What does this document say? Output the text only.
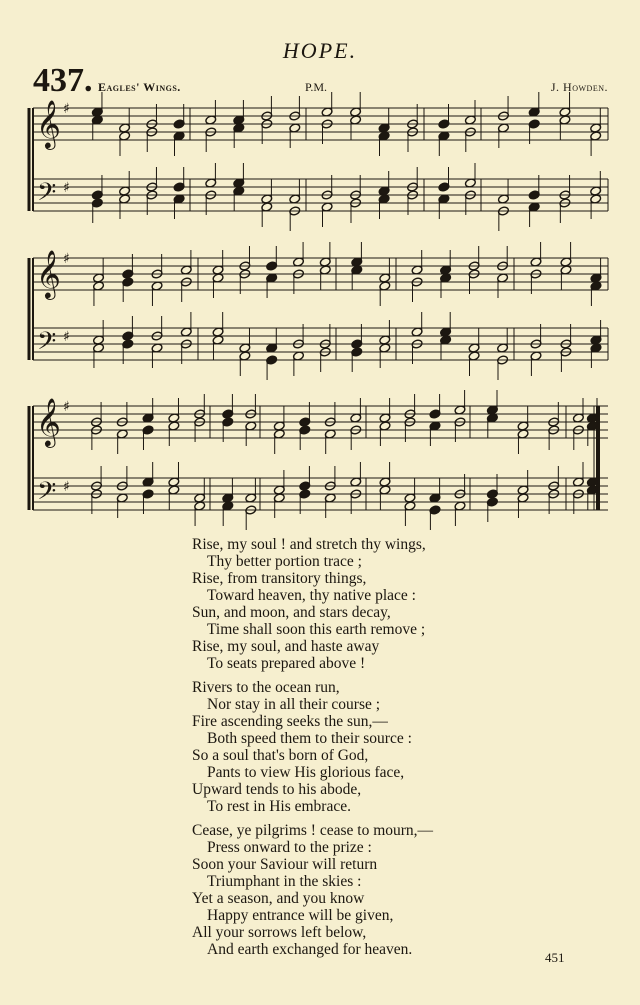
HOPE.
437. Eagles' Wings.	P.M.	J. Howden.
𝄞
𝄢
♯
♯
𝄞
𝄢
♯
♯
𝄞
𝄢
♯
♯

Rise, my soul ! and stretch thy wings,

Thy better portion trace ;

Rise, from transitory things,

Toward heaven, thy native place :

Sun, and moon, and stars decay,

Time shall soon this earth remove ;

Rise, my soul, and haste away

To seats prepared above !

Rivers to the ocean run,

Nor stay in all their course ;

Fire ascending seeks the sun,—

Both speed them to their source :

So a soul that's born of God,

Pants to view His glorious face,

Upward tends to his abode,

To rest in His embrace.

Cease, ye pilgrims ! cease to mourn,—

Press onward to the prize :

Soon your Saviour will return

Triumphant in the skies :

Yet a season, and you know

Happy entrance will be given,

All your sorrows left below,

And earth exchanged for heaven.	451
